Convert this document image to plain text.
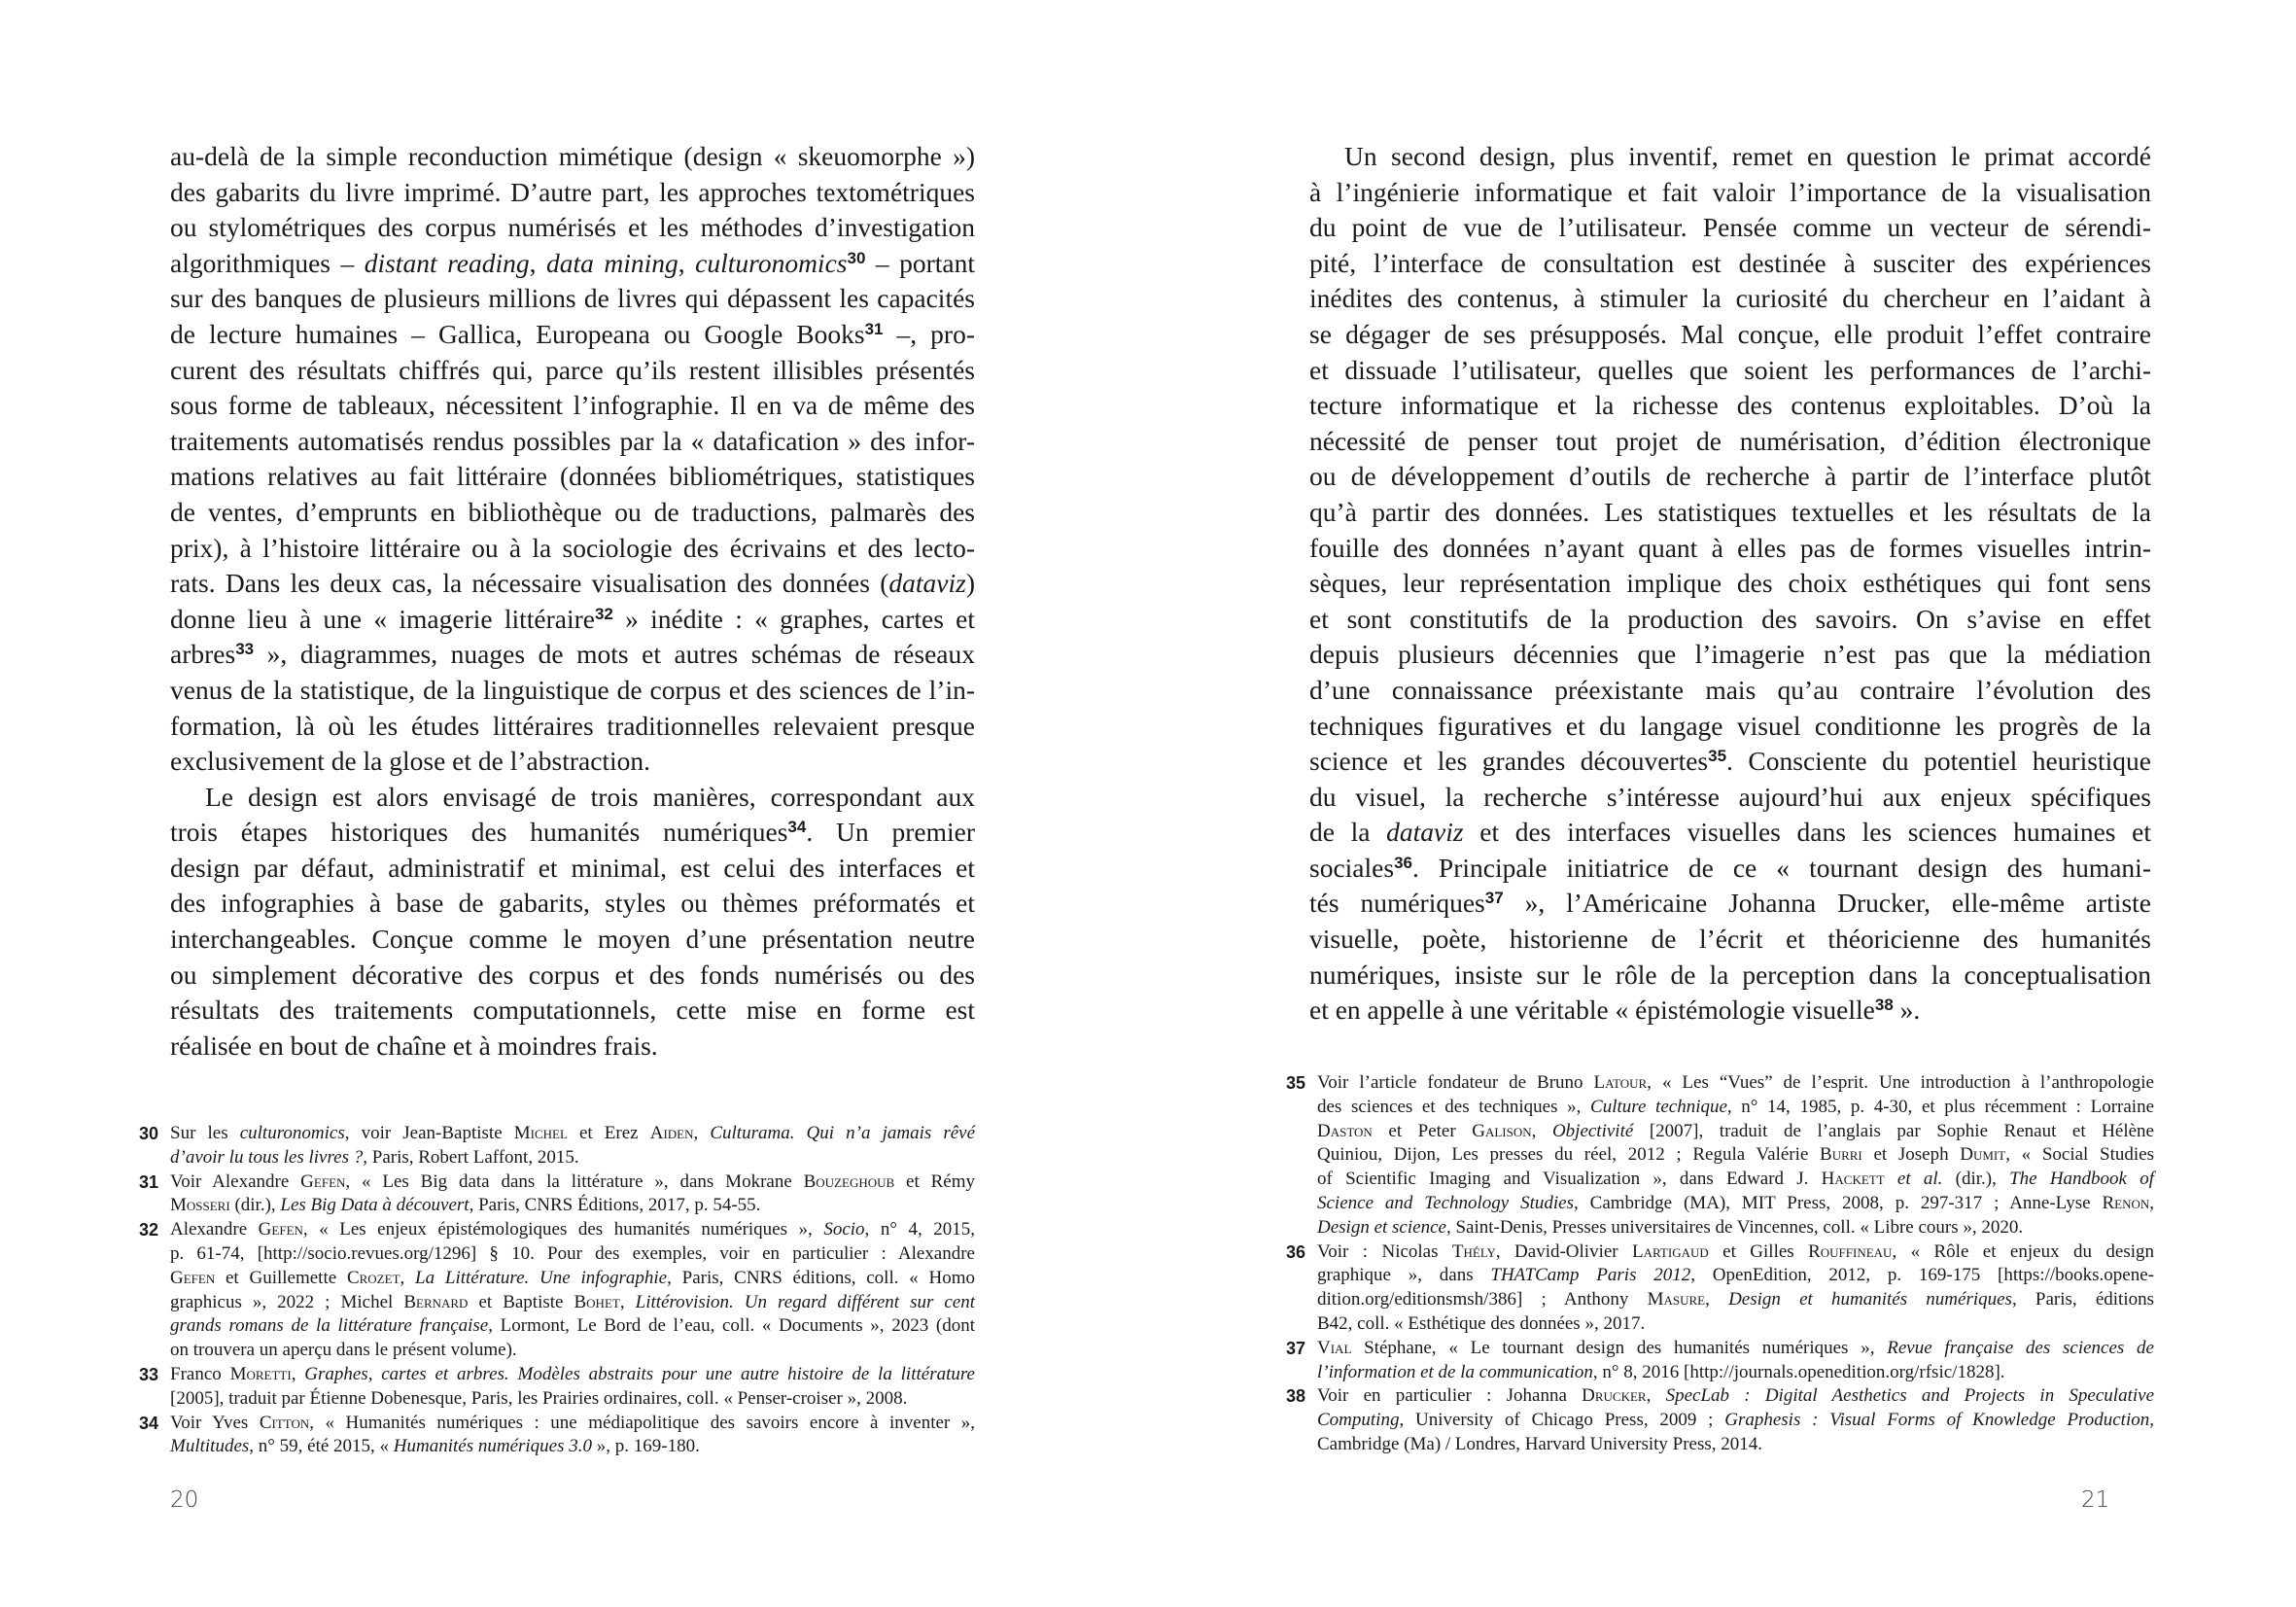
au-delà de la simple reconduction mimétique (design « skeuomorphe »)
des gabarits du livre imprimé. D’autre part, les approches textométriques
ou stylométriques des corpus numérisés et les méthodes d’investigation
algorithmiques – distant reading, data mining, culturonomics$^{30}$ – portant
sur des banques de plusieurs millions de livres qui dépassent les capacités
de lecture humaines – Gallica, Europeana ou Google Books$^{31}$ –, pro-
curent des résultats chiffrés qui, parce qu’ils restent illisibles présentés
sous forme de tableaux, nécessitent l’infographie. Il en va de même des
traitements automatisés rendus possibles par la « datafication » des infor-
mations relatives au fait littéraire (données bibliométriques, statistiques
de ventes, d’emprunts en bibliothèque ou de traductions, palmarès des
prix), à l’histoire littéraire ou à la sociologie des écrivains et des lecto-
rats. Dans les deux cas, la nécessaire visualisation des données (dataviz)
donne lieu à une « imagerie littéraire$^{32}$ » inédite : « graphes, cartes et
arbres$^{33}$ », diagrammes, nuages de mots et autres schémas de réseaux
venus de la statistique, de la linguistique de corpus et des sciences de l’in-
formation, là où les études littéraires traditionnelles relevaient presque
exclusivement de la glose et de l’abstraction.
Le design est alors envisagé de trois manières, correspondant aux
trois étapes historiques des humanités numériques$^{34}$. Un premier
design par défaut, administratif et minimal, est celui des interfaces et
des infographies à base de gabarits, styles ou thèmes préformatés et
interchangeables. Conçue comme le moyen d’une présentation neutre
ou simplement décorative des corpus et des fonds numérisés ou des
résultats des traitements computationnels, cette mise en forme est
réalisée en bout de chaîne et à moindres frais.
30 Sur les culturonomics, voir Jean-Baptiste Michel et Erez Aiden, Culturama. Qui n’a jamais rêvé
d’avoir lu tous les livres ?, Paris, Robert Laffont, 2015.
31 Voir Alexandre Gefen, « Les Big data dans la littérature », dans Mokrane Bouzeghoub et Rémy
Mosseri (dir.), Les Big Data à découvert, Paris, CNRS Éditions, 2017, p. 54-55.
32 Alexandre Gefen, « Les enjeux épistémologiques des humanités numériques », Socio, n° 4, 2015,
p. 61-74, [http://socio.revues.org/1296] § 10. Pour des exemples, voir en particulier : Alexandre
Gefen et Guillemette Crozet, La Littérature. Une infographie, Paris, CNRS éditions, coll. « Homo
graphicus », 2022 ; Michel Bernard et Baptiste Bohet, Littérovision. Un regard différent sur cent
grands romans de la littérature française, Lormont, Le Bord de l’eau, coll. « Documents », 2023 (dont
on trouvera un aperçu dans le présent volume).
33 Franco Moretti, Graphes, cartes et arbres. Modèles abstraits pour une autre histoire de la littérature
[2005], traduit par Étienne Dobenesque, Paris, les Prairies ordinaires, coll. « Penser-croiser », 2008.
34 Voir Yves Citton, « Humanités numériques : une médiapolitique des savoirs encore à inventer »,
Multitudes, n° 59, été 2015, « Humanités numériques 3.0 », p. 169-180.
20
Un second design, plus inventif, remet en question le primat accordé
à l’ingénierie informatique et fait valoir l’importance de la visualisation
du point de vue de l’utilisateur. Pensée comme un vecteur de sérendi-
pité, l’interface de consultation est destinée à susciter des expériences
inédites des contenus, à stimuler la curiosité du chercheur en l’aidant à
se dégager de ses présupposés. Mal conçue, elle produit l’effet contraire
et dissuade l’utilisateur, quelles que soient les performances de l’archi-
tecture informatique et la richesse des contenus exploitables. D’où la
nécessité de penser tout projet de numérisation, d’édition électronique
ou de développement d’outils de recherche à partir de l’interface plutôt
qu’à partir des données. Les statistiques textuelles et les résultats de la
fouille des données n’ayant quant à elles pas de formes visuelles intrin-
sèques, leur représentation implique des choix esthétiques qui font sens
et sont constitutifs de la production des savoirs. On s’avise en effet
depuis plusieurs décennies que l’imagerie n’est pas que la médiation
d’une connaissance préexistante mais qu’au contraire l’évolution des
techniques figuratives et du langage visuel conditionne les progrès de la
science et les grandes découvertes$^{35}$. Consciente du potentiel heuristique
du visuel, la recherche s’intéresse aujourd’hui aux enjeux spécifiques
de la dataviz et des interfaces visuelles dans les sciences humaines et
sociales$^{36}$. Principale initiatrice de ce « tournant design des humani-
tés numériques$^{37}$ », l’Américaine Johanna Drucker, elle-même artiste
visuelle, poète, historienne de l’écrit et théoricienne des humanités
numériques, insiste sur le rôle de la perception dans la conceptualisation
et en appelle à une véritable « épistémologie visuelle$^{38}$ ».
35 Voir l’article fondateur de Bruno Latour, « Les “Vues” de l’esprit. Une introduction à l’anthropologie
des sciences et des techniques », Culture technique, n° 14, 1985, p. 4-30, et plus récemment : Lorraine
Daston et Peter Galison, Objectivité [2007], traduit de l’anglais par Sophie Renaut et Hélène
Quiniou, Dijon, Les presses du réel, 2012 ; Regula Valérie Burri et Joseph Dumit, « Social Studies
of Scientific Imaging and Visualization », dans Edward J. Hackett et al. (dir.), The Handbook of
Science and Technology Studies, Cambridge (MA), MIT Press, 2008, p. 297-317 ; Anne-Lyse Renon,
Design et science, Saint-Denis, Presses universitaires de Vincennes, coll. « Libre cours », 2020.
36 Voir : Nicolas Thély, David-Olivier Lartigaud et Gilles Rouffineau, « Rôle et enjeux du design
graphique », dans THATCamp Paris 2012, OpenEdition, 2012, p. 169-175 [https://books.opene-
dition.org/editionsmsh/386] ; Anthony Masure, Design et humanités numériques, Paris, éditions
B42, coll. « Esthétique des données », 2017.
37 Vial Stéphane, « Le tournant design des humanités numériques », Revue française des sciences de
l’information et de la communication, n° 8, 2016 [http://journals.openedition.org/rfsic/1828].
38 Voir en particulier : Johanna Drucker, SpecLab : Digital Aesthetics and Projects in Speculative
Computing, University of Chicago Press, 2009 ; Graphesis : Visual Forms of Knowledge Production,
Cambridge (Ma) / Londres, Harvard University Press, 2014.
21
